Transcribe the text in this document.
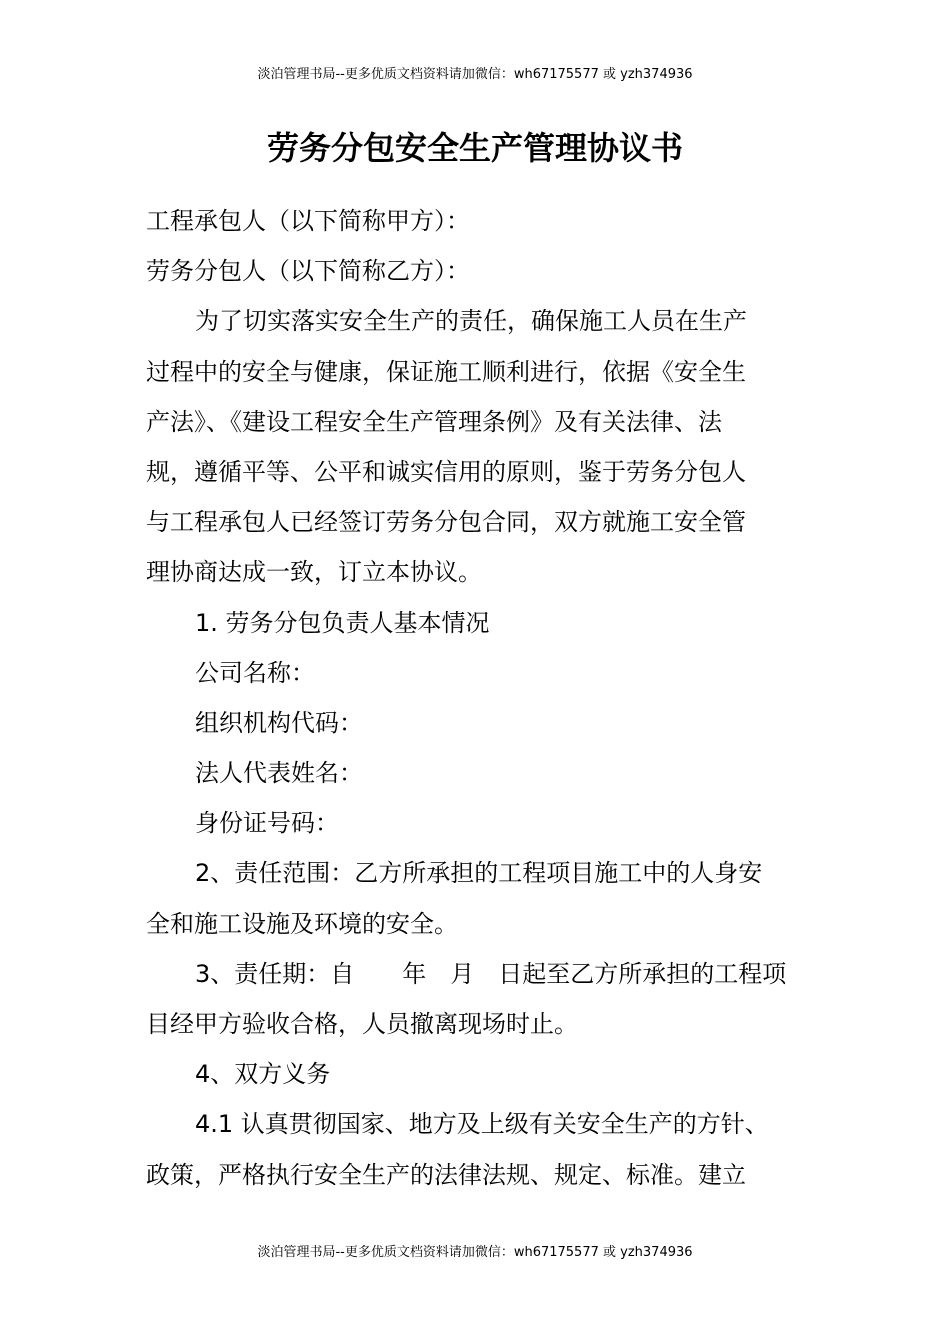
淡泊管理书局--更多优质文档资料请加微信：wh67175577 或 yzh374936
劳务分包安全生产管理协议书
工程承包人（以下简称甲方）：
劳务分包人（以下简称乙方）：
为了切实落实安全生产的责任，确保施工人员在生产
过程中的安全与健康，保证施工顺利进行，依据《安全生
产法》、《建设工程安全生产管理条例》及有关法律、法
规，遵循平等、公平和诚实信用的原则，鉴于劳务分包人
与工程承包人已经签订劳务分包合同，双方就施工安全管
理协商达成一致，订立本协议。
1. 劳务分包负责人基本情况
公司名称：
组织机构代码：
法人代表姓名：
身份证号码：
2、责任范围：乙方所承担的工程项目施工中的人身安
全和施工设施及环境的安全。
3、责任期：自　　年　月　日起至乙方所承担的工程项
目经甲方验收合格，人员撤离现场时止。
4、双方义务
4.1 认真贯彻国家、地方及上级有关安全生产的方针、
政策，严格执行安全生产的法律法规、规定、标准。建立
淡泊管理书局--更多优质文档资料请加微信：wh67175577 或 yzh374936
